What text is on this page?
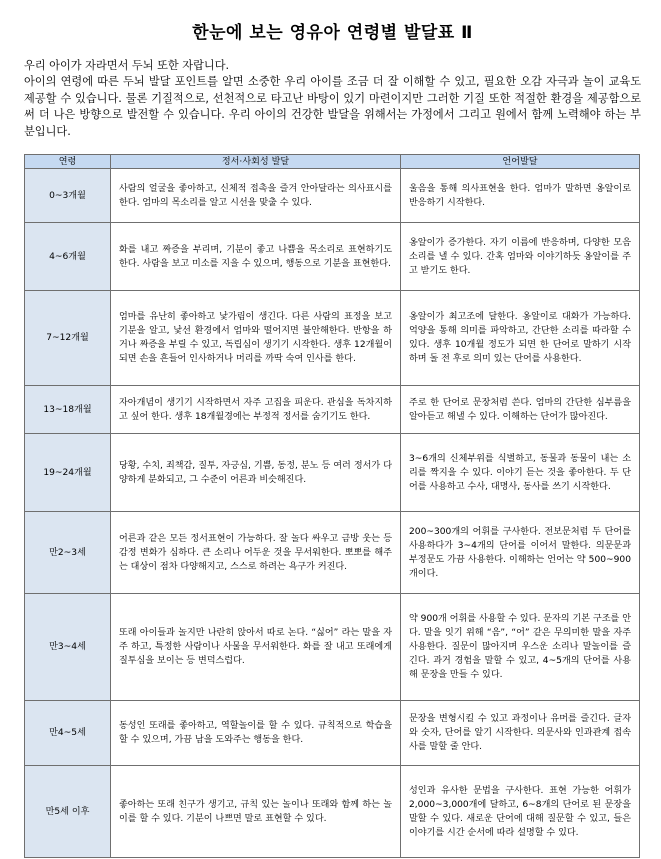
한눈에 보는 영유아 연령별 발달표 Ⅱ

우리 아이가 자라면서 두뇌 또한 자랍니다.

아이의 연령에 따른 두뇌 발달 포인트를 알면 소중한 우리 아이를 조금 더 잘 이해할 수 있고, 필요한 오감 자극과 놀이 교육도 제공할 수 있습니다. 물론 기질적으로, 선천적으로 타고난 바탕이 있기 마련이지만 그러한 기질 또한 적절한 환경을 제공함으로써 더 나은 방향으로 발전할 수 있습니다. 우리 아이의 건강한 발달을 위해서는 가정에서 그리고 원에서 함께 노력해야 하는 부분입니다.

연령	정서·사회성 발달	언어발달
0~3개월	사람의 얼굴을 좋아하고, 신체적 접촉을 즐겨 안아달라는 의사표시를 한다. 엄마의 목소리를 알고 시선을 맞출 수 있다.	울음을 통해 의사표현을 한다. 엄마가 말하면 옹알이로 반응하기 시작한다.

4~6개월	화를 내고 짜증을 부리며, 기분이 좋고 나쁨을 목소리로 표현하기도 한다. 사람을 보고 미소를 지을 수 있으며, 행동으로 기분을 표현한다.	옹알이가 증가한다. 자기 이름에 반응하며, 다양한 모음 소리를 낼 수 있다. 간혹 엄마와 이야기하듯 옹알이를 주고 받기도 한다.

7~12개월	엄마를 유난히 좋아하고 낯가림이 생긴다. 다른 사람의 표정을 보고 기분을 알고, 낯선 환경에서 엄마와 떨어지면 불안해한다. 반항을 하거나 짜증을 부릴 수 있고, 독립심이 생기기 시작한다. 생후 12개월이 되면 손을 흔들어 인사하거나 머리를 까딱 숙여 인사를 한다.	옹알이가 최고조에 달한다. 옹알이로 대화가 가능하다. 억양을 통해 의미를 파악하고, 간단한 소리를 따라할 수 있다. 생후 10개월 정도가 되면 한 단어로 말하기 시작하며 돌 전 후로 의미 있는 단어를 사용한다.

13~18개월	자아개념이 생기기 시작하면서 자주 고집을 피운다. 관심을 독차지하고 싶어 한다. 생후 18개월경에는 부정적 정서를 숨기기도 한다.	주로 한 단어로 문장처럼 쓴다. 엄마의 간단한 심부름을 알아듣고 해낼 수 있다. 이해하는 단어가 많아진다.

19~24개월	당황, 수치, 죄책감, 질투, 자긍심, 기쁨, 동정, 분노 등 여러 정서가 다양하게 분화되고, 그 수준이 어른과 비슷해진다.	3~6개의 신체부위를 식별하고, 동물과 동물이 내는 소리를 짝지을 수 있다. 이야기 듣는 것을 좋아한다. 두 단어를 사용하고 수사, 대명사, 동사를 쓰기 시작한다.

만2~3세	어른과 같은 모든 정서표현이 가능하다. 잘 놀다 싸우고 금방 웃는 등 감정 변화가 심하다. 큰 소리나 어두운 것을 무서워한다. 뽀뽀를 해주는 대상이 점차 다양해지고, 스스로 하려는 욕구가 커진다.	200~300개의 어휘를 구사한다. 전보문처럼 두 단어를 사용하다가 3~4개의 단어를 이어서 말한다. 의문문과 부정문도 가끔 사용한다. 이해하는 언어는 약 500~900개이다.

만3~4세	또래 아이들과 놀지만 나란히 앉아서 따로 논다. “싫어” 라는 말을 자주 하고, 특정한 사람이나 사물을 무서워한다. 화를 잘 내고 또래에게 질투심을 보이는 등 변덕스럽다.	약 900개 어휘를 사용할 수 있다. 문자의 기본 구조를 안다. 말을 잇기 위해 “음”, “어” 같은 무의미한 말을 자주 사용한다. 질문이 많아지며 우스운 소리나 말놀이를 즐긴다. 과거 경험을 말할 수 있고, 4~5개의 단어를 사용해 문장을 만들 수 있다.

만4~5세	동성인 또래를 좋아하고, 역할놀이를 할 수 있다. 규칙적으로 학습을 할 수 있으며, 가끔 남을 도와주는 행동을 한다.	문장을 변형시킬 수 있고 과정이나 유머를 즐긴다. 글자와 숫자, 단어를 알기 시작한다. 의문사와 인과관계 접속사를 말할 줄 안다.

만5세 이후	좋아하는 또래 친구가 생기고, 규칙 있는 놀이나 또래와 함께 하는 놀이를 할 수 있다. 기분이 나쁘면 말로 표현할 수 있다.	성인과 유사한 문법을 구사한다. 표현 가능한 어휘가 2,000~3,000개에 달하고, 6~8개의 단어로 된 문장을 말할 수 있다. 새로운 단어에 대해 질문할 수 있고, 들은 이야기를 시간 순서에 따라 설명할 수 있다.
